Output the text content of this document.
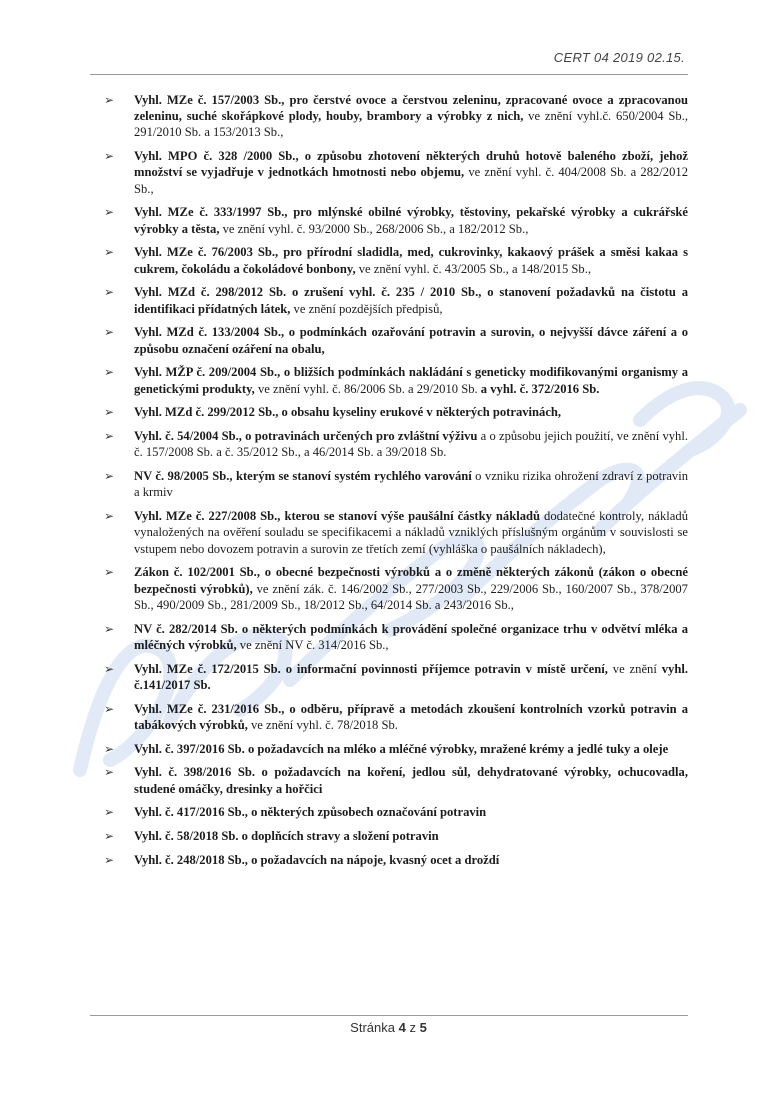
CERT 04 2019 02.15.
➢	Vyhl. MZe č. 157/2003 Sb., pro čerstvé ovoce a čerstvou zeleninu, zpracované ovoce a zpracovanou zeleninu, suché skořápkové plody, houby, brambory a výrobky z nich, ve znění vyhl.č. 650/2004 Sb., 291/2010 Sb. a 153/2013 Sb.,
➢	Vyhl. MPO č. 328 /2000 Sb., o způsobu zhotovení některých druhů hotově baleného zboží, jehož množství se vyjadřuje v jednotkách hmotnosti nebo objemu, ve znění vyhl. č. 404/2008 Sb. a 282/2012 Sb.,
➢	Vyhl. MZe č. 333/1997 Sb., pro mlýnské obilné výrobky, těstoviny, pekařské výrobky a cukrářské výrobky a těsta, ve znění vyhl. č. 93/2000 Sb., 268/2006 Sb., a 182/2012 Sb.,
➢	Vyhl. MZe č. 76/2003 Sb., pro přírodní sladidla, med, cukrovinky, kakaový prášek a směsi kakaa s cukrem, čokoládu a čokoládové bonbony, ve znění vyhl. č. 43/2005 Sb., a 148/2015 Sb.,
➢	Vyhl. MZd č. 298/2012 Sb. o zrušení vyhl. č. 235 / 2010 Sb., o stanovení požadavků na čistotu a identifikaci přídatných látek, ve znění pozdějších předpisů,
➢	Vyhl. MZd č. 133/2004 Sb., o podmínkách ozařování potravin a surovin, o nejvyšší dávce záření a o způsobu označení ozáření na obalu,
➢	Vyhl. MŽP č. 209/2004 Sb., o bližších podmínkách nakládání s geneticky modifikovanými organismy a genetickými produkty, ve znění vyhl. č. 86/2006 Sb. a 29/2010 Sb. a vyhl. č. 372/2016 Sb.
➢	Vyhl. MZd č. 299/2012 Sb., o obsahu kyseliny erukové v některých potravinách,
➢	Vyhl. č. 54/2004 Sb., o potravinách určených pro zvláštní výživu a o způsobu jejich použití, ve znění vyhl. č. 157/2008 Sb. a č. 35/2012 Sb., a 46/2014 Sb. a 39/2018 Sb.
➢	NV č. 98/2005 Sb., kterým se stanoví systém rychlého varování o vzniku rizika ohrožení zdraví z potravin a krmiv
➢	Vyhl. MZe č. 227/2008 Sb., kterou se stanoví výše paušální částky nákladů dodatečné kontroly, nákladů vynaložených na ověření souladu se specifikacemi a nákladů vzniklých příslušným orgánům v souvislosti se vstupem nebo dovozem potravin a surovin ze třetích zemí (vyhláška o paušálních nákladech),
➢	Zákon č. 102/2001 Sb., o obecné bezpečnosti výrobků a o změně některých zákonů (zákon o obecné bezpečnosti výrobků), ve znění zák. č. 146/2002 Sb., 277/2003 Sb., 229/2006 Sb., 160/2007 Sb., 378/2007 Sb., 490/2009 Sb., 281/2009 Sb., 18/2012 Sb., 64/2014 Sb. a 243/2016 Sb.,
➢	NV č. 282/2014 Sb. o některých podmínkách k provádění společné organizace trhu v odvětví mléka a mléčných výrobků, ve znění NV č. 314/2016 Sb.,
➢	Vyhl. MZe č. 172/2015 Sb. o informační povinnosti příjemce potravin v místě určení, ve znění vyhl. č.141/2017 Sb.
➢	Vyhl. MZe č. 231/2016 Sb., o odběru, přípravě a metodách zkoušení kontrolních vzorků potravin a tabákových výrobků, ve znění vyhl. č. 78/2018 Sb.
➢	Vyhl. č. 397/2016 Sb. o požadavcích na mléko a mléčné výrobky, mražené krémy a jedlé tuky a oleje
➢	Vyhl. č. 398/2016 Sb. o požadavcích na koření, jedlou sůl, dehydratované výrobky, ochucovadla, studené omáčky, dresinky a hořčici
➢	Vyhl. č. 417/2016 Sb., o některých způsobech označování potravin
➢	Vyhl. č. 58/2018 Sb. o doplňcích stravy a složení potravin
➢	Vyhl. č. 248/2018 Sb., o požadavcích na nápoje, kvasný ocet a droždí
Stránka 4 z 5
